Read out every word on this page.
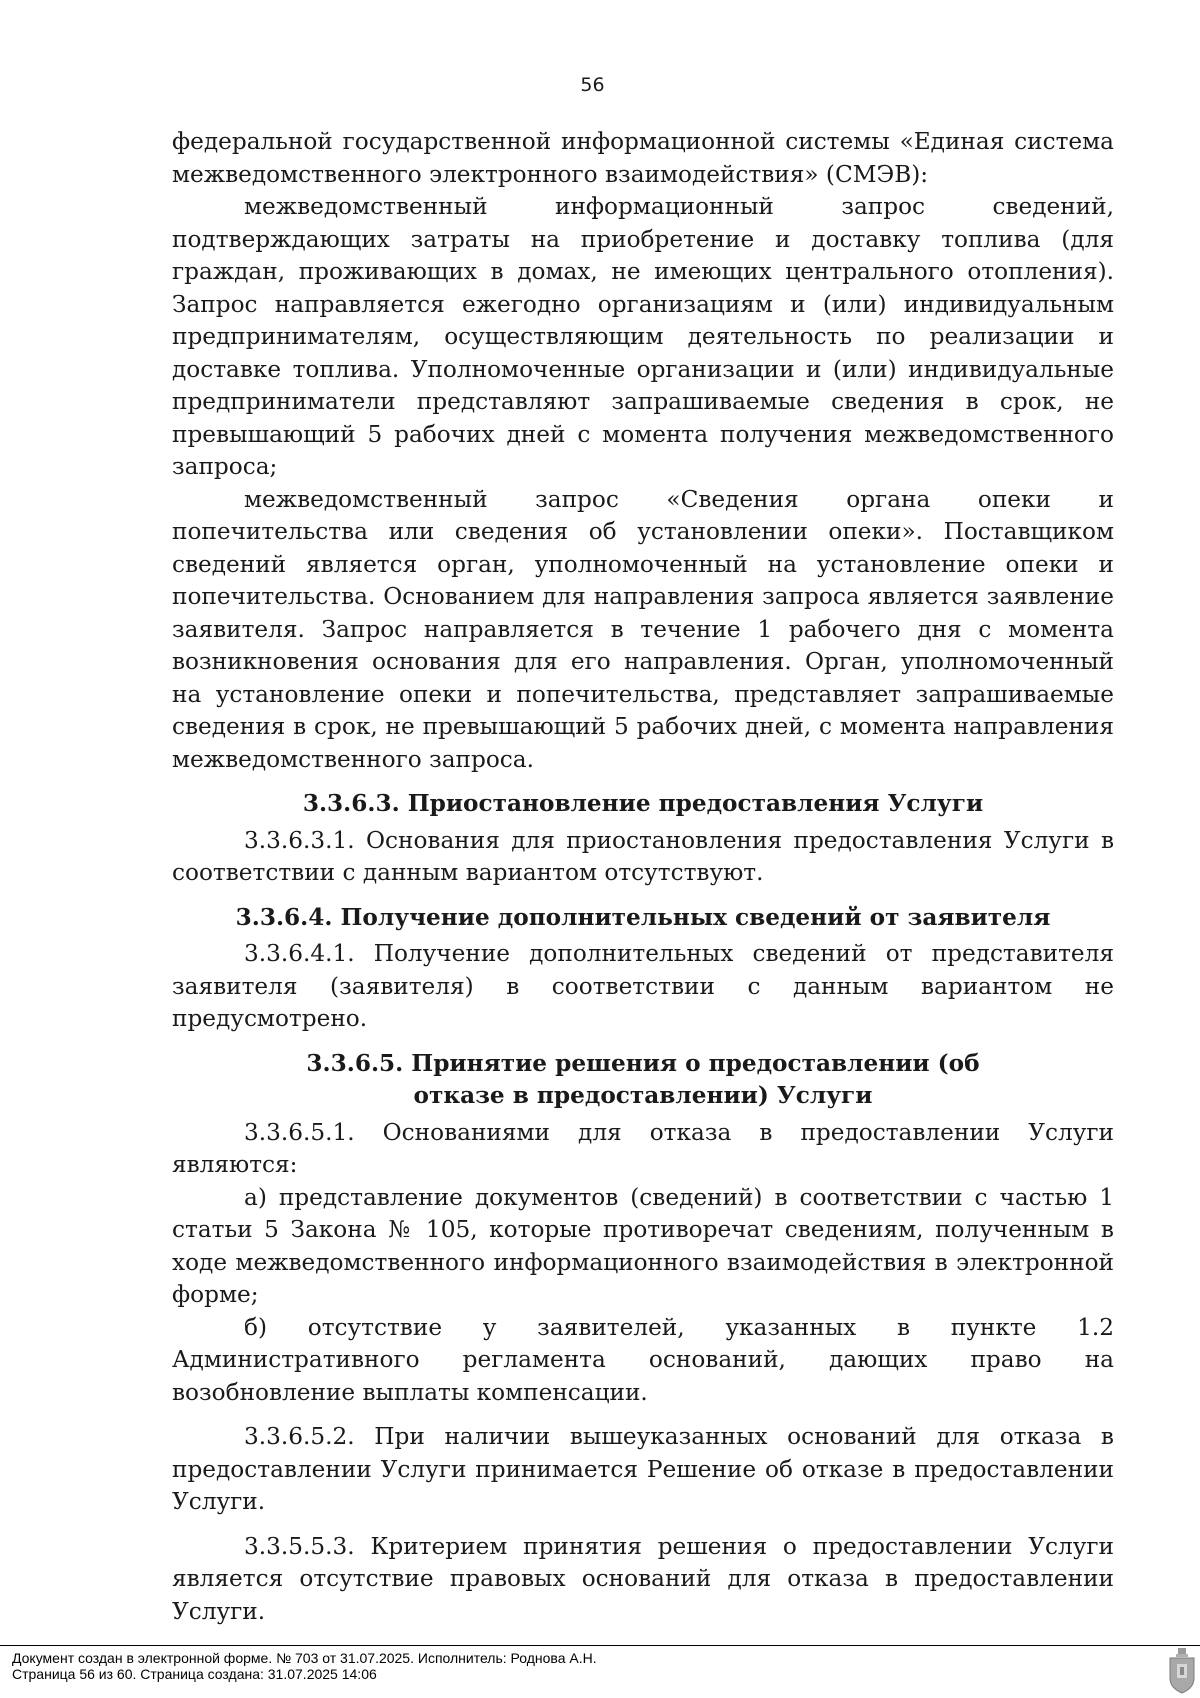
56

федеральной государственной информационной системы «Единая система межведомственного электронного взаимодействия» (СМЭВ):

межведомственный информационный запрос сведений, подтверждающих затраты на приобретение и доставку топлива (для граждан, проживающих в домах, не имеющих центрального отопления). Запрос направляется ежегодно организациям и (или) индивидуальным предпринимателям, осуществляющим деятельность по реализации и доставке топлива. Уполномоченные организации и (или) индивидуальные предприниматели представляют запрашиваемые сведения в срок, не превышающий 5 рабочих дней с момента получения межведомственного запроса;

межведомственный запрос «Сведения органа опеки и попечительства или сведения об установлении опеки». Поставщиком сведений является орган, уполномоченный на установление опеки и попечительства. Основанием для направления запроса является заявление заявителя. Запрос направляется в течение 1 рабочего дня с момента возникновения основания для его направления. Орган, уполномоченный на установление опеки и попечительства, представляет запрашиваемые сведения в срок, не превышающий 5 рабочих дней, с момента направления межведомственного запроса.

3.3.6.3. Приостановление предоставления Услуги

3.3.6.3.1. Основания для приостановления предоставления Услуги в соответствии с данным вариантом отсутствуют.

3.3.6.4. Получение дополнительных сведений от заявителя

3.3.6.4.1. Получение дополнительных сведений от представителя заявителя (заявителя) в соответствии с данным вариантом не предусмотрено.

3.3.6.5. Принятие решения о предоставлении (об отказе в предоставлении) Услуги

3.3.6.5.1. Основаниями для отказа в предоставлении Услуги являются:

а) представление документов (сведений) в соответствии с частью 1 статьи 5 Закона № 105, которые противоречат сведениям, полученным в ходе межведомственного информационного взаимодействия в электронной форме;

б) отсутствие у заявителей, указанных в пункте 1.2 Административного регламента оснований, дающих право на возобновление выплаты компенсации.

3.3.6.5.2. При наличии вышеуказанных оснований для отказа в предоставлении Услуги принимается Решение об отказе в предоставлении Услуги.

3.3.5.5.3. Критерием принятия решения о предоставлении Услуги является отсутствие правовых оснований для отказа в предоставлении Услуги.

Документ создан в электронной форме. № 703 от 31.07.2025. Исполнитель: Роднова А.Н.
Страница 56 из 60. Страница создана: 31.07.2025 14:06
